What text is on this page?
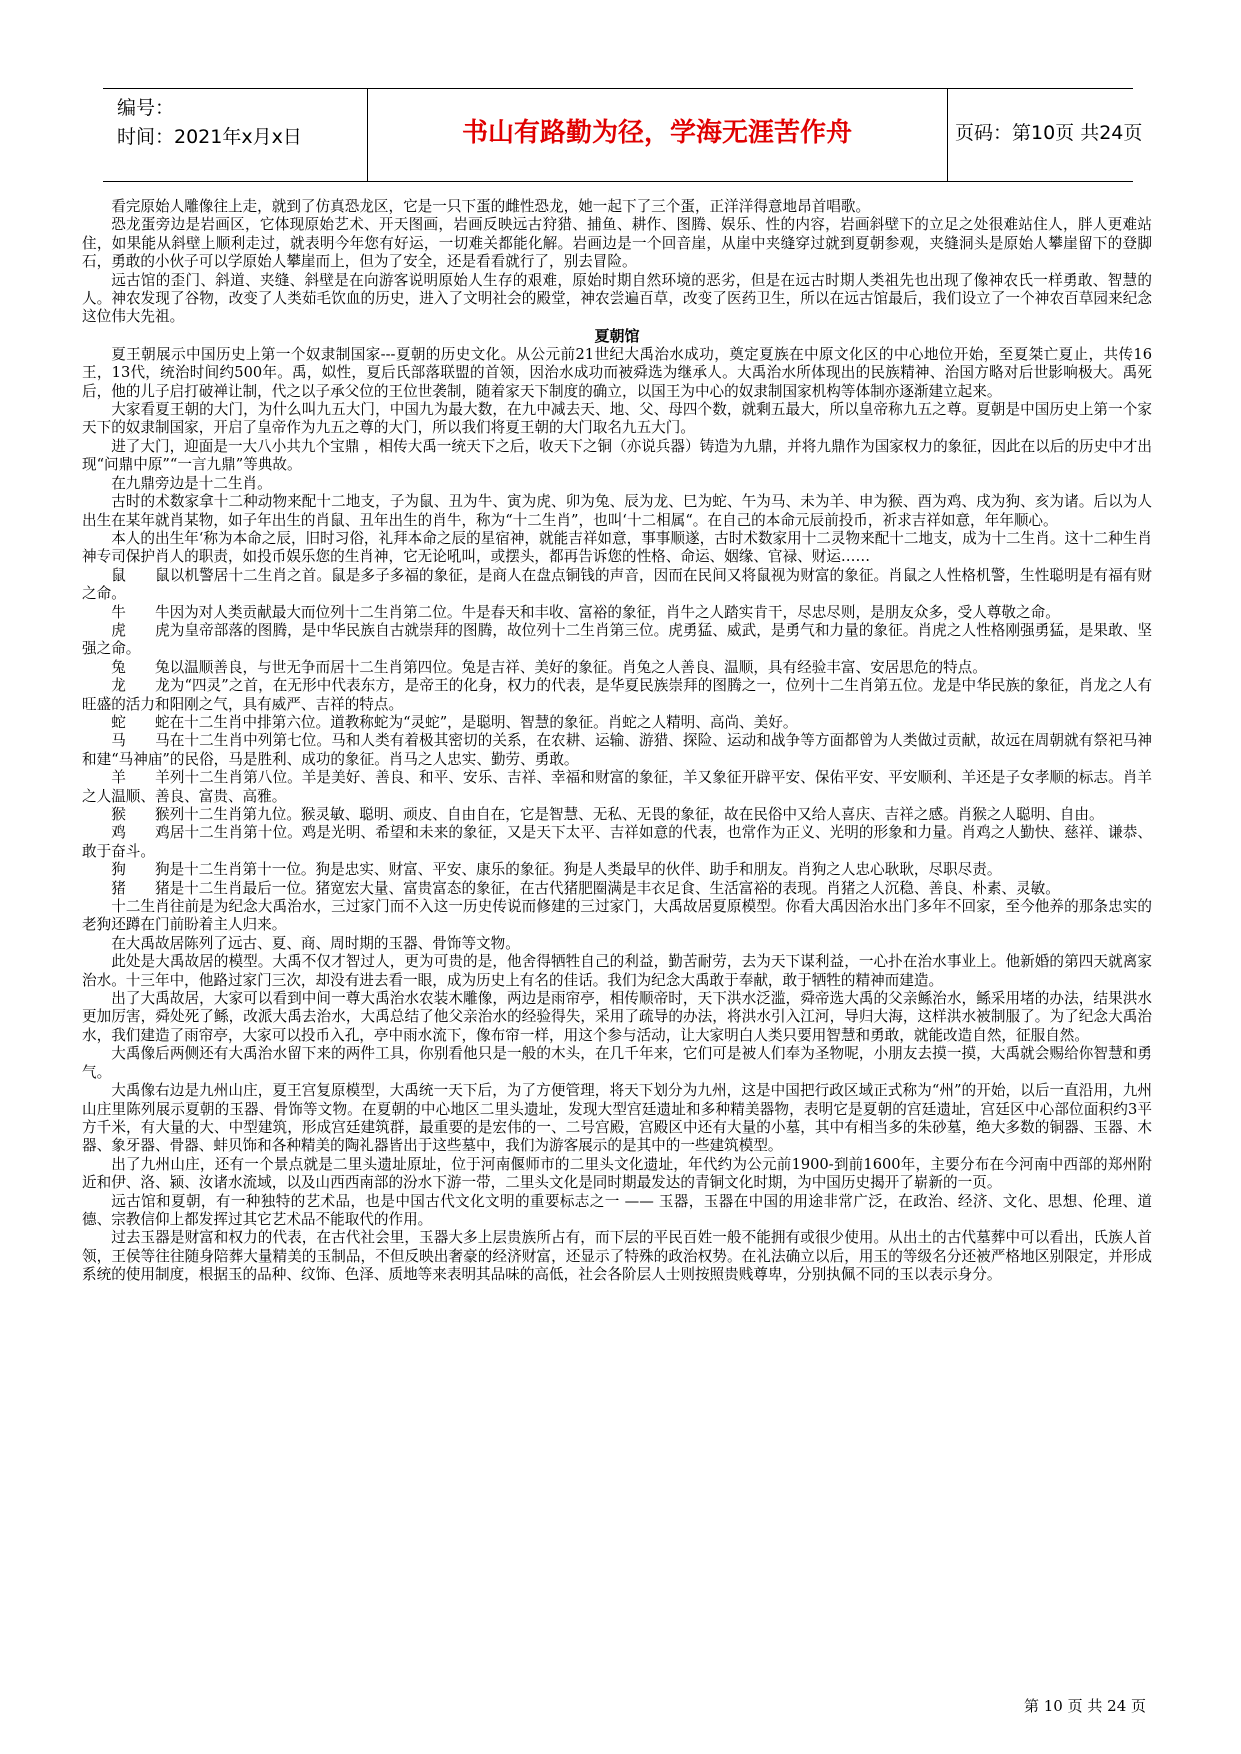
编号：
时间：2021年x月x日	书山有路勤为径，学海无涯苦作舟	页码：第10页 共24页

看完原始人雕像往上走，就到了仿真恐龙区，它是一只下蛋的雌性恐龙，她一起下了三个蛋，正洋洋得意地昂首唱歌。

恐龙蛋旁边是岩画区，它体现原始艺术、开天图画，岩画反映远古狩猎、捕鱼、耕作、图腾、娱乐、性的内容，岩画斜壁下的立足之处很难站住人，胖人更难站住，如果能从斜壁上顺利走过，就表明今年您有好运，一切难关都能化解。岩画边是一个回音崖，从崖中夹缝穿过就到夏朝参观，夹缝洞头是原始人攀崖留下的登脚石，勇敢的小伙子可以学原始人攀崖而上，但为了安全，还是看看就行了，别去冒险。

远古馆的歪门、斜道、夹缝、斜壁是在向游客说明原始人生存的艰难，原始时期自然环境的恶劣，但是在远古时期人类祖先也出现了像神农氏一样勇敢、智慧的人。神农发现了谷物，改变了人类茹毛饮血的历史，进入了文明社会的殿堂，神农尝遍百草，改变了医药卫生，所以在远古馆最后，我们设立了一个神农百草园来纪念这位伟大先祖。

夏朝馆

夏王朝展示中国历史上第一个奴隶制国家---夏朝的历史文化。从公元前21世纪大禹治水成功，奠定夏族在中原文化区的中心地位开始，至夏桀亡夏止，共传16王，13代，统治时间约500年。禹，姒性，夏后氏部落联盟的首领，因治水成功而被舜选为继承人。大禹治水所体现出的民族精神、治国方略对后世影响极大。禹死后，他的儿子启打破禅让制，代之以子承父位的王位世袭制，随着家天下制度的确立，以国王为中心的奴隶制国家机构等体制亦逐渐建立起来。

大家看夏王朝的大门，为什么叫九五大门，中国九为最大数，在九中减去天、地、父、母四个数，就剩五最大，所以皇帝称九五之尊。夏朝是中国历史上第一个家天下的奴隶制国家，开启了皇帝作为九五之尊的大门，所以我们将夏王朝的大门取名九五大门。

进了大门，迎面是一大八小共九个宝鼎 ，相传大禹一统天下之后，收天下之铜（亦说兵器）铸造为九鼎，并将九鼎作为国家权力的象征，因此在以后的历史中才出现“问鼎中原”“一言九鼎”等典故。

在九鼎旁边是十二生肖。

古时的术数家拿十二种动物来配十二地支，子为鼠、丑为牛、寅为虎、卯为兔、辰为龙、巳为蛇、午为马、未为羊、申为猴、酉为鸡、戌为狗、亥为诸。后以为人出生在某年就肖某物，如子年出生的肖鼠、丑年出生的肖牛，称为“十二生肖”，也叫‘十二相属“。在自己的本命元辰前投币，祈求吉祥如意，年年顺心。

本人的出生年‘称为本命之辰，旧时习俗，礼拜本命之辰的星宿神，就能吉祥如意，事事顺遂，古时术数家用十二灵物来配十二地支，成为十二生肖。这十二种生肖神专司保护肖人的职责，如投币娱乐您的生肖神，它无论吼叫，或摆头，都再告诉您的性格、命运、姻缘、官禄、财运……

鼠　　鼠以机警居十二生肖之首。鼠是多子多福的象征，是商人在盘点铜钱的声音，因而在民间又将鼠视为财富的象征。肖鼠之人性格机警，生性聪明是有福有财之命。

牛　　牛因为对人类贡献最大而位列十二生肖第二位。牛是春天和丰收、富裕的象征，肖牛之人踏实肯干，尽忠尽则，是朋友众多，受人尊敬之命。

虎　　虎为皇帝部落的图腾，是中华民族自古就崇拜的图腾，故位列十二生肖第三位。虎勇猛、威武，是勇气和力量的象征。肖虎之人性格刚强勇猛，是果敢、坚强之命。

兔　　兔以温顺善良，与世无争而居十二生肖第四位。兔是吉祥、美好的象征。肖兔之人善良、温顺，具有经验丰富、安居思危的特点。

龙　　龙为“四灵”之首，在无形中代表东方，是帝王的化身，权力的代表，是华夏民族崇拜的图腾之一，位列十二生肖第五位。龙是中华民族的象征，肖龙之人有旺盛的活力和阳刚之气，具有威严、吉祥的特点。

蛇　　蛇在十二生肖中排第六位。道教称蛇为“灵蛇”，是聪明、智慧的象征。肖蛇之人精明、高尚、美好。

马　　马在十二生肖中列第七位。马和人类有着极其密切的关系，在农耕、运输、游猎、探险、运动和战争等方面都曾为人类做过贡献，故远在周朝就有祭祀马神和建“马神庙”的民俗，马是胜利、成功的象征。肖马之人忠实、勤劳、勇敢。

羊　　羊列十二生肖第八位。羊是美好、善良、和平、安乐、吉祥、幸福和财富的象征，羊又象征开辟平安、保佑平安、平安顺利、羊还是子女孝顺的标志。肖羊之人温顺、善良、富贵、高雅。

猴　　猴列十二生肖第九位。猴灵敏、聪明、顽皮、自由自在，它是智慧、无私、无畏的象征，故在民俗中又给人喜庆、吉祥之感。肖猴之人聪明、自由。

鸡　　鸡居十二生肖第十位。鸡是光明、希望和未来的象征，又是天下太平、吉祥如意的代表，也常作为正义、光明的形象和力量。肖鸡之人勤快、慈祥、谦恭、敢于奋斗。

狗　　狗是十二生肖第十一位。狗是忠实、财富、平安、康乐的象征。狗是人类最早的伙伴、助手和朋友。肖狗之人忠心耿耿，尽职尽责。

猪　　猪是十二生肖最后一位。猪宽宏大量、富贵富态的象征，在古代猪肥圈满是丰衣足食、生活富裕的表现。肖猪之人沉稳、善良、朴素、灵敏。

十二生肖往前是为纪念大禹治水，三过家门而不入这一历史传说而修建的三过家门，大禹故居夏原模型。你看大禹因治水出门多年不回家，至今他养的那条忠实的老狗还蹲在门前盼着主人归来。

在大禹故居陈列了远古、夏、商、周时期的玉器、骨饰等文物。

此处是大禹故居的模型。大禹不仅才智过人，更为可贵的是，他舍得牺牲自己的利益，勤苦耐劳，去为天下谋利益，一心扑在治水事业上。他新婚的第四天就离家治水。十三年中，他路过家门三次，却没有进去看一眼，成为历史上有名的佳话。我们为纪念大禹敢于奉献，敢于牺牲的精神而建造。

出了大禹故居，大家可以看到中间一尊大禹治水农装木雕像，两边是雨帘亭，相传顺帝时，天下洪水泛滥，舜帝选大禹的父亲鲧治水，鲧采用堵的办法，结果洪水更加厉害，舜处死了鲧，改派大禹去治水，大禹总结了他父亲治水的经验得失，采用了疏导的办法，将洪水引入江河，导归大海，这样洪水被制服了。为了纪念大禹治水，我们建造了雨帘亭，大家可以投币入孔，亭中雨水流下，像布帘一样，用这个参与活动，让大家明白人类只要用智慧和勇敢，就能改造自然，征服自然。

大禹像后两侧还有大禹治水留下来的两件工具，你别看他只是一般的木头，在几千年来，它们可是被人们奉为圣物呢，小朋友去摸一摸，大禹就会赐给你智慧和勇气。

大禹像右边是九州山庄，夏王宫复原模型，大禹统一天下后，为了方便管理，将天下划分为九州，这是中国把行政区域正式称为“州”的开始，以后一直沿用，九州山庄里陈列展示夏朝的玉器、骨饰等文物。在夏朝的中心地区二里头遗址，发现大型宫廷遗址和多种精美器物，表明它是夏朝的宫廷遗址，宫廷区中心部位面积约3平方千米，有大量的大、中型建筑，形成宫廷建筑群，最重要的是宏伟的一、二号宫殿，宫殿区中还有大量的小墓，其中有相当多的朱砂墓，绝大多数的铜器、玉器、木器、象牙器、骨器、蚌贝饰和各种精美的陶礼器皆出于这些墓中，我们为游客展示的是其中的一些建筑模型。

出了九州山庄，还有一个景点就是二里头遗址原址，位于河南偃师市的二里头文化遗址，年代约为公元前1900-到前1600年，主要分布在今河南中西部的郑州附近和伊、洛、颍、汝诸水流域，以及山西西南部的汾水下游一带，二里头文化是同时期最发达的青铜文化时期，为中国历史揭开了崭新的一页。

远古馆和夏朝，有一种独特的艺术品，也是中国古代文化文明的重要标志之一 —— 玉器，玉器在中国的用途非常广泛，在政治、经济、文化、思想、伦理、道德、宗教信仰上都发挥过其它艺术品不能取代的作用。

过去玉器是财富和权力的代表，在古代社会里，玉器大多上层贵族所占有，而下层的平民百姓一般不能拥有或很少使用。从出土的古代墓葬中可以看出，氏族人首领，王侯等往往随身陪葬大量精美的玉制品，不但反映出奢豪的经济财富，还显示了特殊的政治权势。在礼法确立以后，用玉的等级名分还被严格地区别限定，并形成系统的使用制度，根据玉的品种、纹饰、色泽、质地等来表明其品味的高低，社会各阶层人士则按照贵贱尊卑，分别执佩不同的玉以表示身分。

第 10 页 共 24 页
